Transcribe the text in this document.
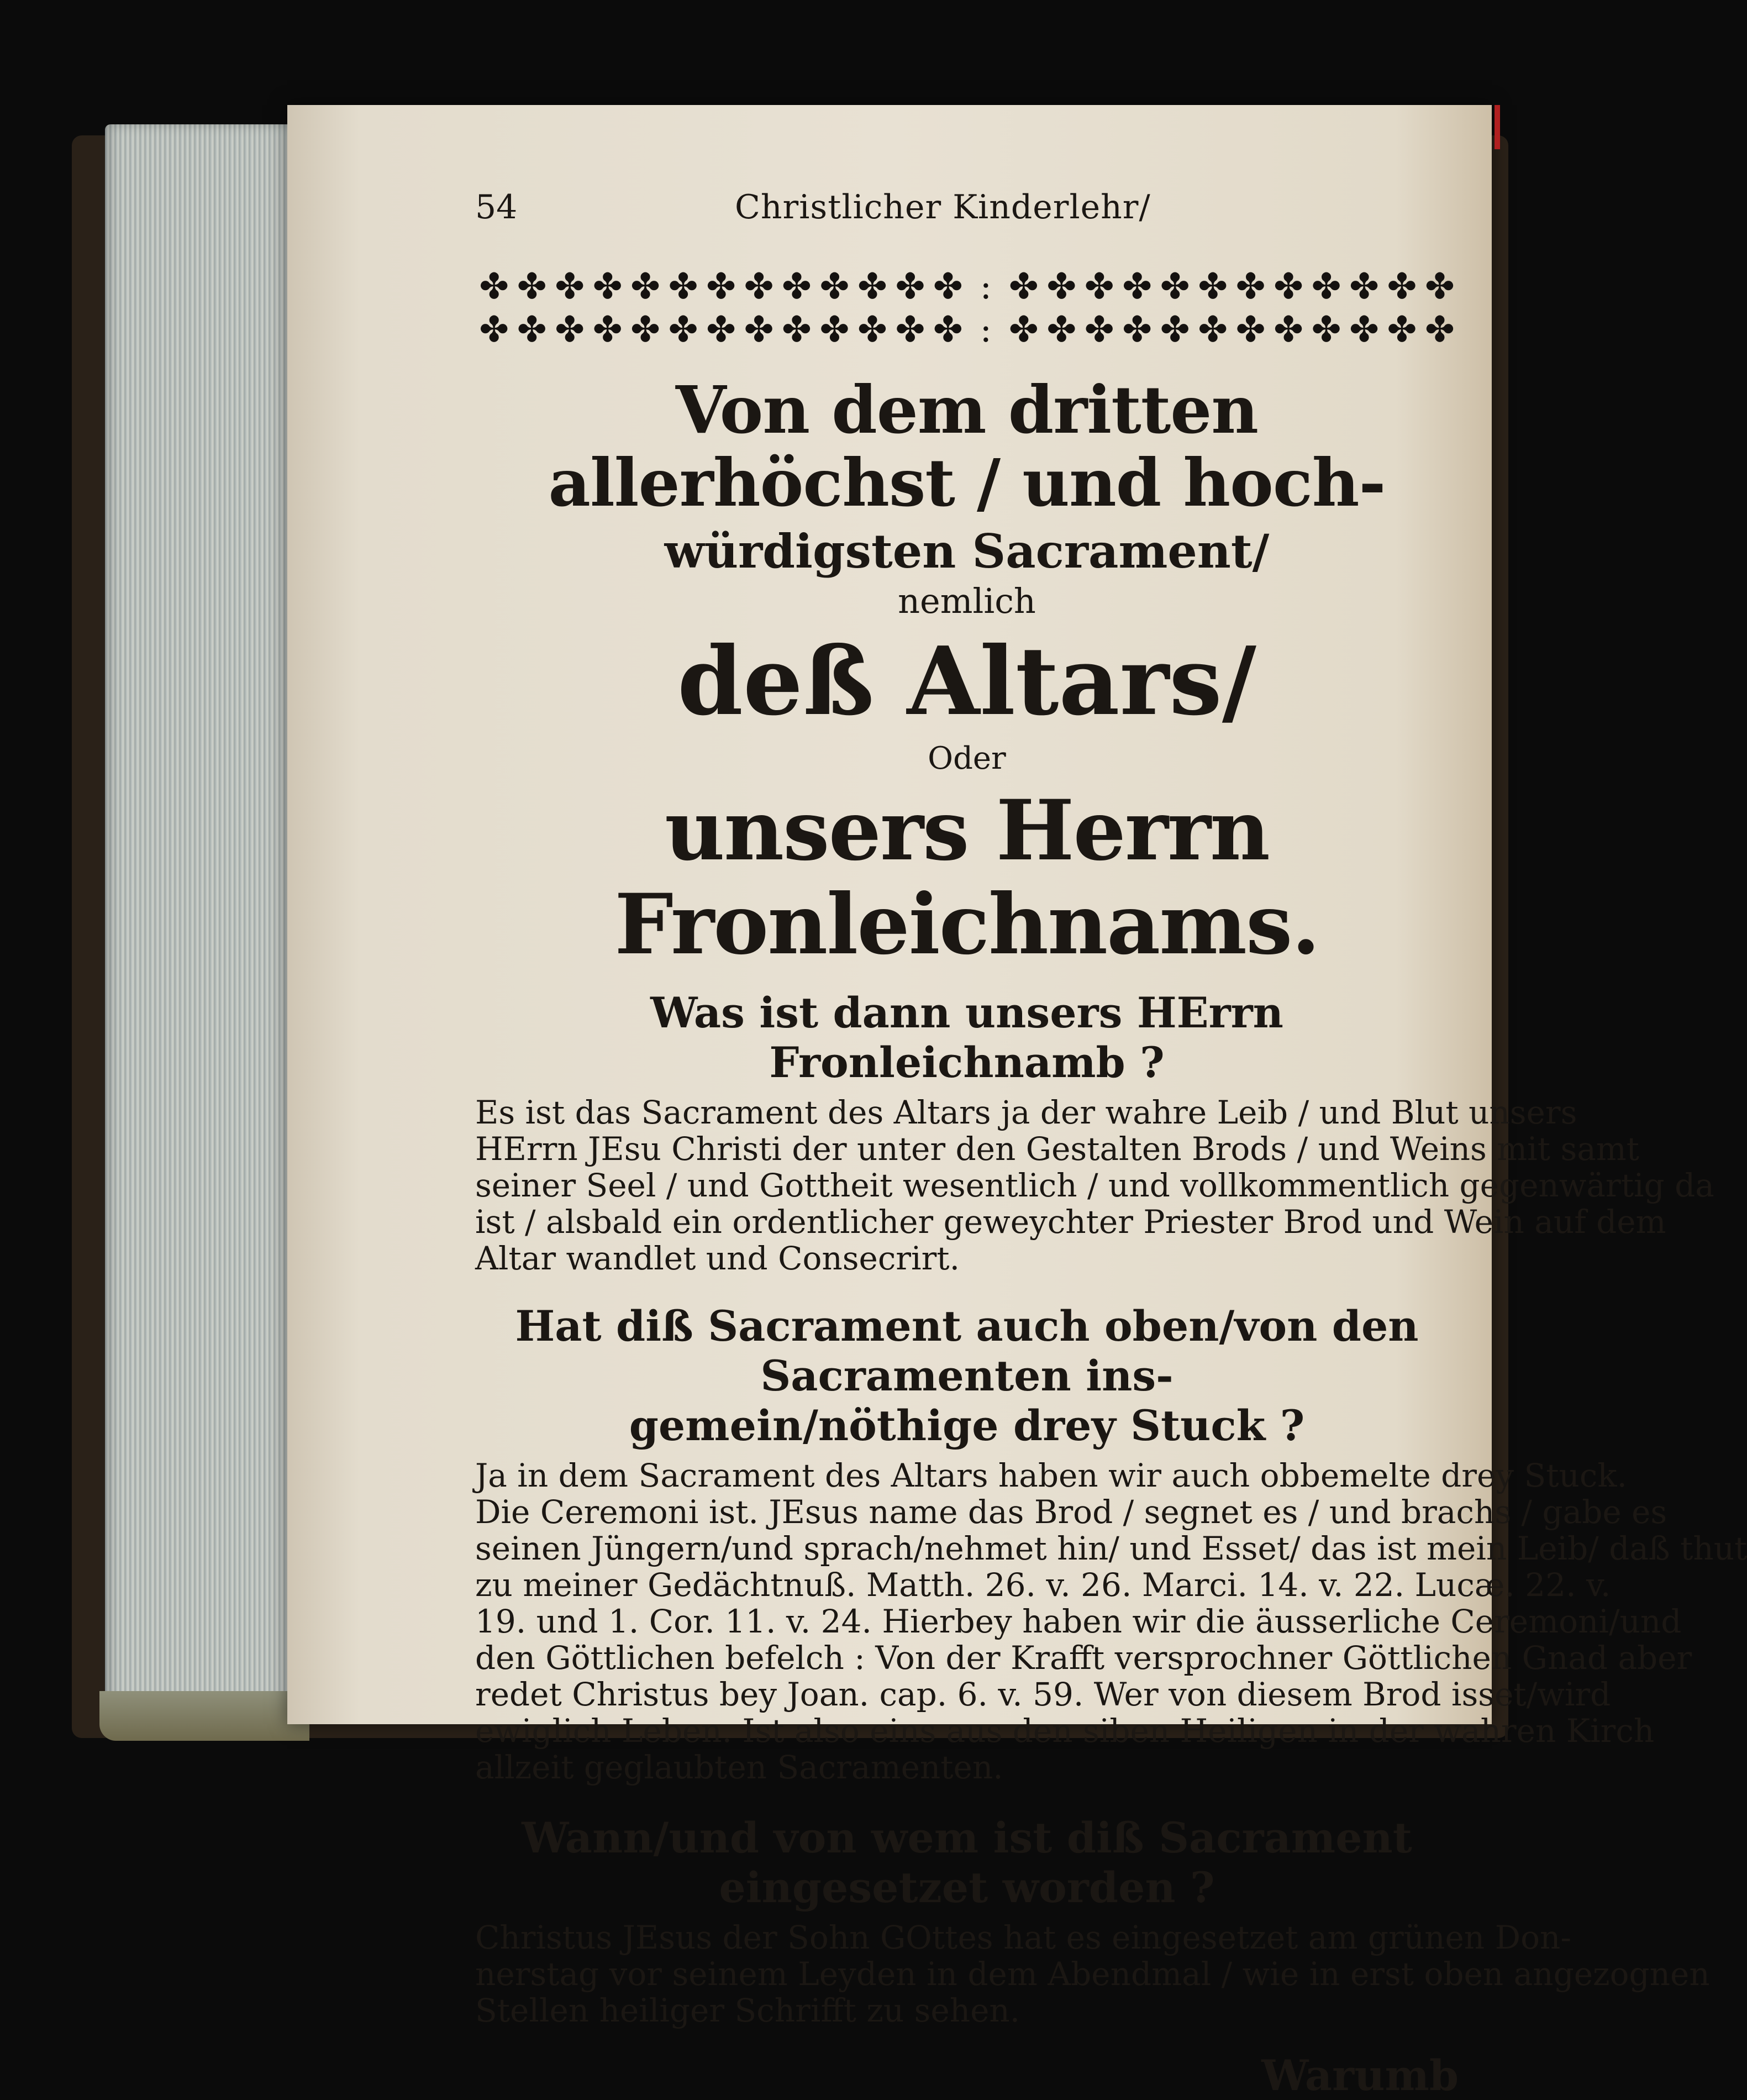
54	Christlicher Kinderlehr/
✤ ✤ ✤ ✤ ✤ ✤ ✤ ✤ ✤ ✤ ✤ ✤ ✤ : ✤ ✤ ✤ ✤ ✤ ✤ ✤ ✤ ✤ ✤ ✤ ✤
✤ ✤ ✤ ✤ ✤ ✤ ✤ ✤ ✤ ✤ ✤ ✤ ✤ : ✤ ✤ ✤ ✤ ✤ ✤ ✤ ✤ ✤ ✤ ✤ ✤
Von dem dritten allerhöchst / und hoch-
würdigsten Sacrament/
nemlich
deß Altars/
Oder
unsers Herrn Fronleichnams.
Was ist dann unsers HErrn Fronleichnamb ?
Es ist das Sacrament des Altars ja der wahre Leib / und Blut unsers
HErrn JEsu Christi der unter den Gestalten Brods / und Weins mit samt
seiner Seel / und Gottheit wesentlich / und vollkommentlich gegenwärtig da
ist / alsbald ein ordentlicher geweychter Priester Brod und Wein auf dem
Altar wandlet und Consecrirt.
Hat diß Sacrament auch oben/von den Sacramenten ins-
gemein/nöthige drey Stuck ?
Ja in dem Sacrament des Altars haben wir auch obbemelte drey Stuck.
Die Ceremoni ist. JEsus name das Brod / segnet es / und brachs / gabe es
seinen Jüngern/und sprach/nehmet hin/ und Esset/ das ist mein Leib/ daß thut
zu meiner Gedächtnuß. Matth. 26. v. 26. Marci. 14. v. 22. Lucæ. 22. v.
19. und 1. Cor. 11. v. 24. Hierbey haben wir die äusserliche Ceremoni/und
den Göttlichen befelch : Von der Krafft versprochner Göttlichen Gnad aber
redet Christus bey Joan. cap. 6. v. 59. Wer von diesem Brod isset/wird
ewiglich Leben. Ist also eins aus den siben Heiligen in der wahren Kirch
allzeit geglaubten Sacramenten.
Wann/und von wem ist diß Sacrament eingesetzet worden ?
Christus JEsus der Sohn GOttes hat es eingesetzet am grünen Don-
nerstag vor seinem Leyden in dem Abendmal / wie in erst oben angezognen
Stellen heiliger Schrifft zu sehen.
Warumb
